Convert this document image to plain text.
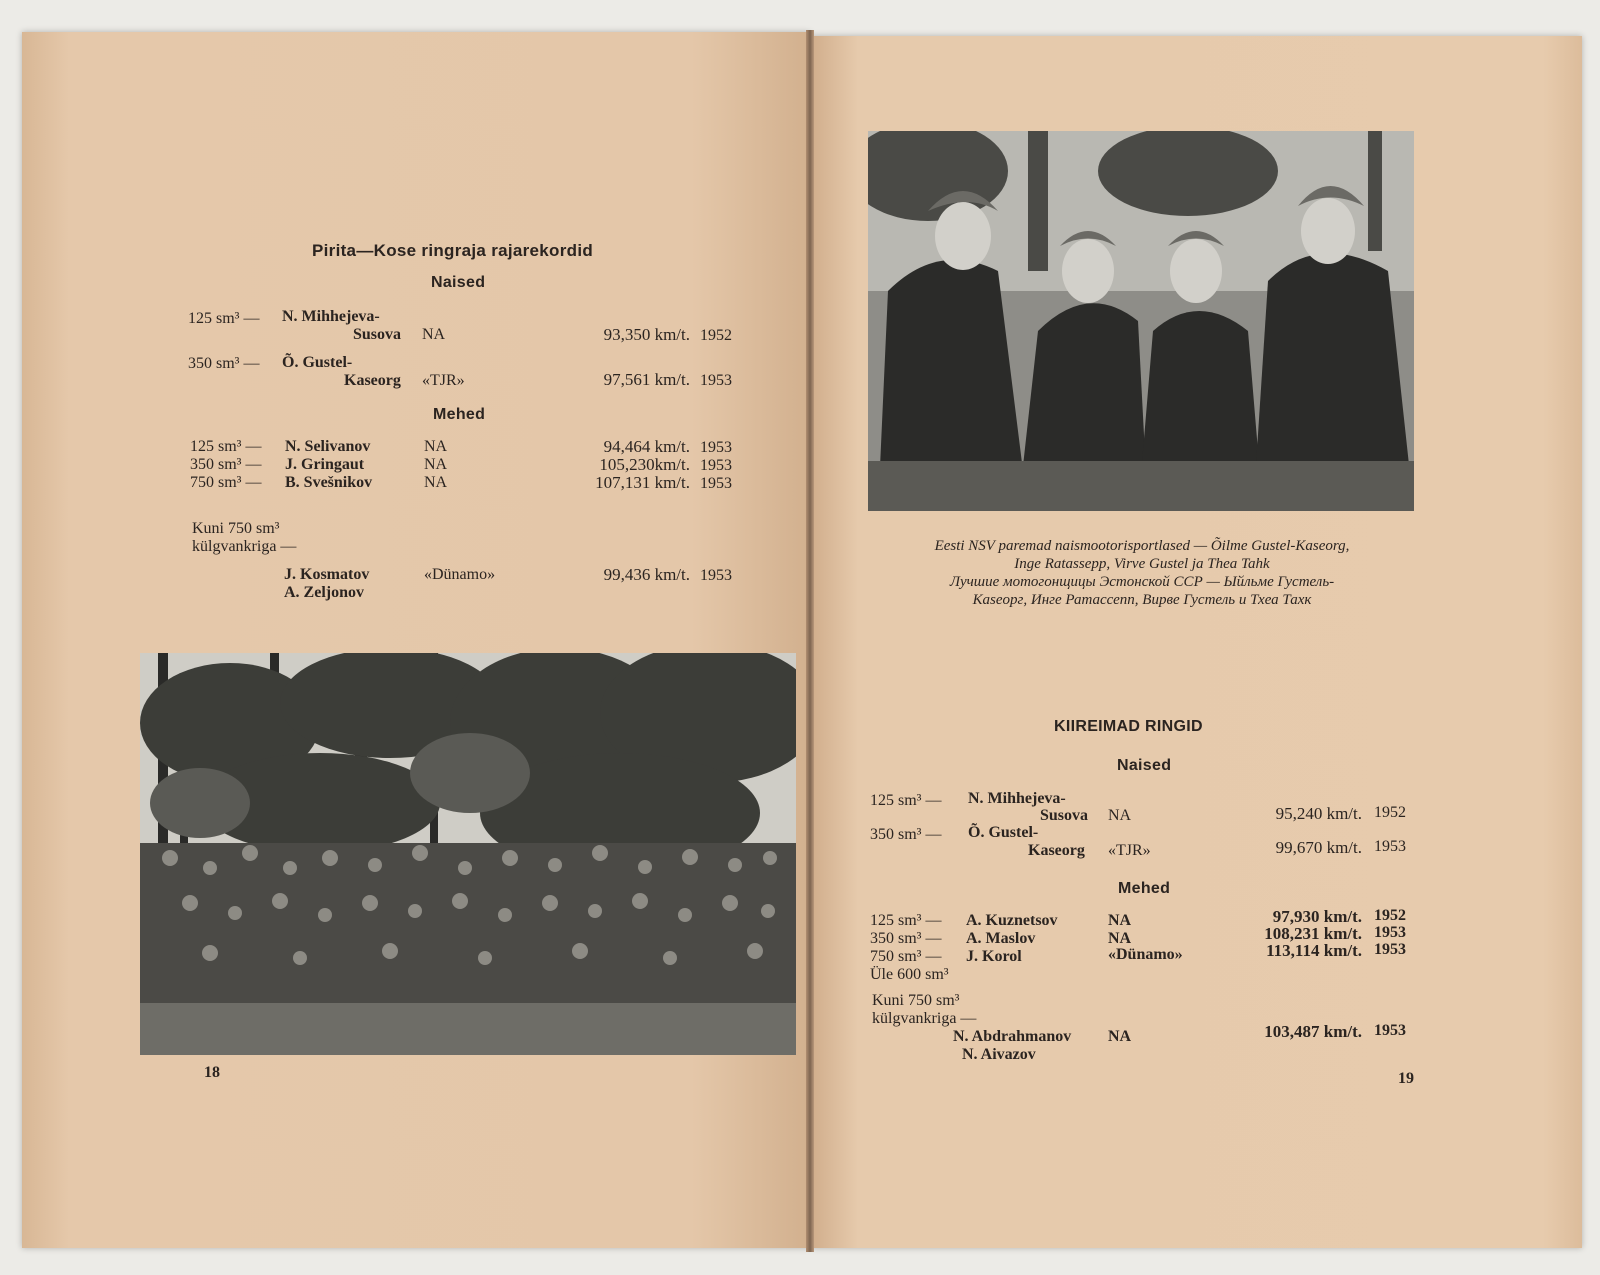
Pirita—Kose ringraja rajarekordid
Naised
125 sm³ — N. Mihhejeva-
Susova NA	93,350 km/t. 1952
350 sm³ — Õ. Gustel-
Kaseorg «TJR»	97,561 km/t. 1953
Mehed
125 sm³ — N. Selivanov	NA	94,464 km/t. 1953
350 sm³ — J. Gringaut	NA	105,230km/t. 1953
750 sm³ — B. Svešnikov	NA	107,131 km/t. 1953
Kuni 750 sm³
külgvankriga —
J. Kosmatov
A. Zeljonov
«Dünamo»	99,436 km/t. 1953
18
Eesti NSV paremad naismootorisportlased — Õilme Gustel-Kaseorg,
Inge Ratassepp, Virve Gustel ja Thea Tahk
Лучшие мотогонщицы Эстонской ССР — Ыйльме Густель-
Каseорг, Инге Ратассепп, Вирве Густель и Тхеа Тахк
KIIREIMAD RINGID
Naised
125 sm³ — N. Mihhejeva-
Susova NA	95,240 km/t. 1952
350 sm³ — Õ. Gustel-
Kaseorg «TJR»	99,670 km/t. 1953
Mehed
125 sm³ — A. Kuznetsov	NA	97,930 km/t. 1952
350 sm³ — A. Maslov	NA	108,231 km/t. 1953
750 sm³ — J. Korol	«Dünamo»	113,114 km/t. 1953
Üle 600 sm³
Kuni 750 sm³
külgvankriga —
N. Abdrahmanov
N. Aivazov
NA	103,487 km/t. 1953
19
